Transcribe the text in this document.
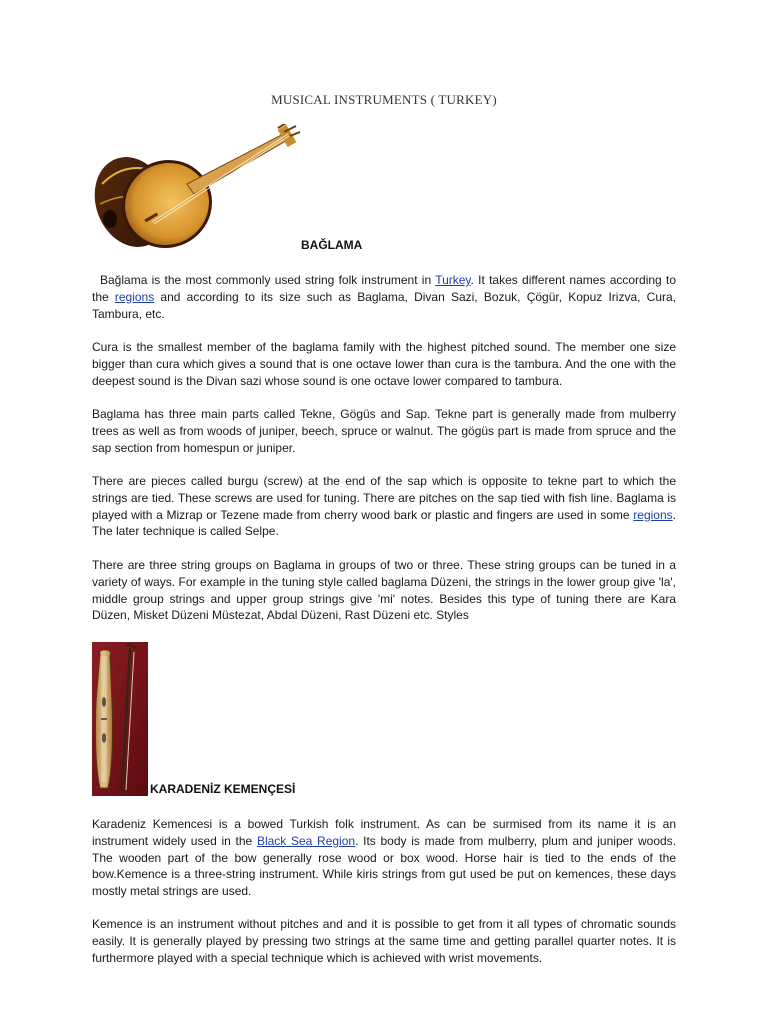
MUSICAL INSTRUMENTS ( TURKEY)
BAĞLAMA

Bağlama is the most commonly used string folk instrument in Turkey. It takes different names according to the regions and according to its size such as Baglama, Divan Sazi, Bozuk, Çögür, Kopuz Irizva, Cura, Tambura, etc.

Cura is the smallest member of the baglama family with the highest pitched sound. The member one size bigger than cura which gives a sound that is one octave lower than cura is the tambura. And the one with the deepest sound is the Divan sazi whose sound is one octave lower compared to tambura.

Baglama has three main parts called Tekne, Gögüs and Sap. Tekne part is generally made from mulberry trees as well as from woods of juniper, beech, spruce or walnut. The gögüs part is made from spruce and the sap section from homespun or juniper.

There are pieces called burgu (screw) at the end of the sap which is opposite to tekne part to which the strings are tied. These screws are used for tuning. There are pitches on the sap tied with fish line. Baglama is played with a Mizrap or Tezene made from cherry wood bark or plastic and fingers are used in some regions. The later technique is called Selpe.

There are three string groups on Baglama in groups of two or three. These string groups can be tuned in a variety of ways. For example in the tuning style called baglama Düzeni, the strings in the lower group give 'la', middle group strings and upper group strings give 'mi' notes. Besides this type of tuning there are Kara Düzen, Misket Düzeni Müstezat, Abdal Düzeni, Rast Düzeni etc. Styles

KARADENİZ KEMENÇESİ

Karadeniz Kemencesi is a bowed Turkish folk instrument. As can be surmised from its name it is an instrument widely used in the Black Sea Region. Its body is made from mulberry, plum and juniper woods. The wooden part of the bow generally rose wood or box wood. Horse hair is tied to the ends of the bow.Kemence is a three-string instrument. While kiris strings from gut used be put on kemences, these days mostly metal strings are used.

Kemence is an instrument without pitches and and it is possible to get from it all types of chromatic sounds easily. It is generally played by pressing two strings at the same time and getting parallel quarter notes. It is furthermore played with a special technique which is achieved with wrist movements.
